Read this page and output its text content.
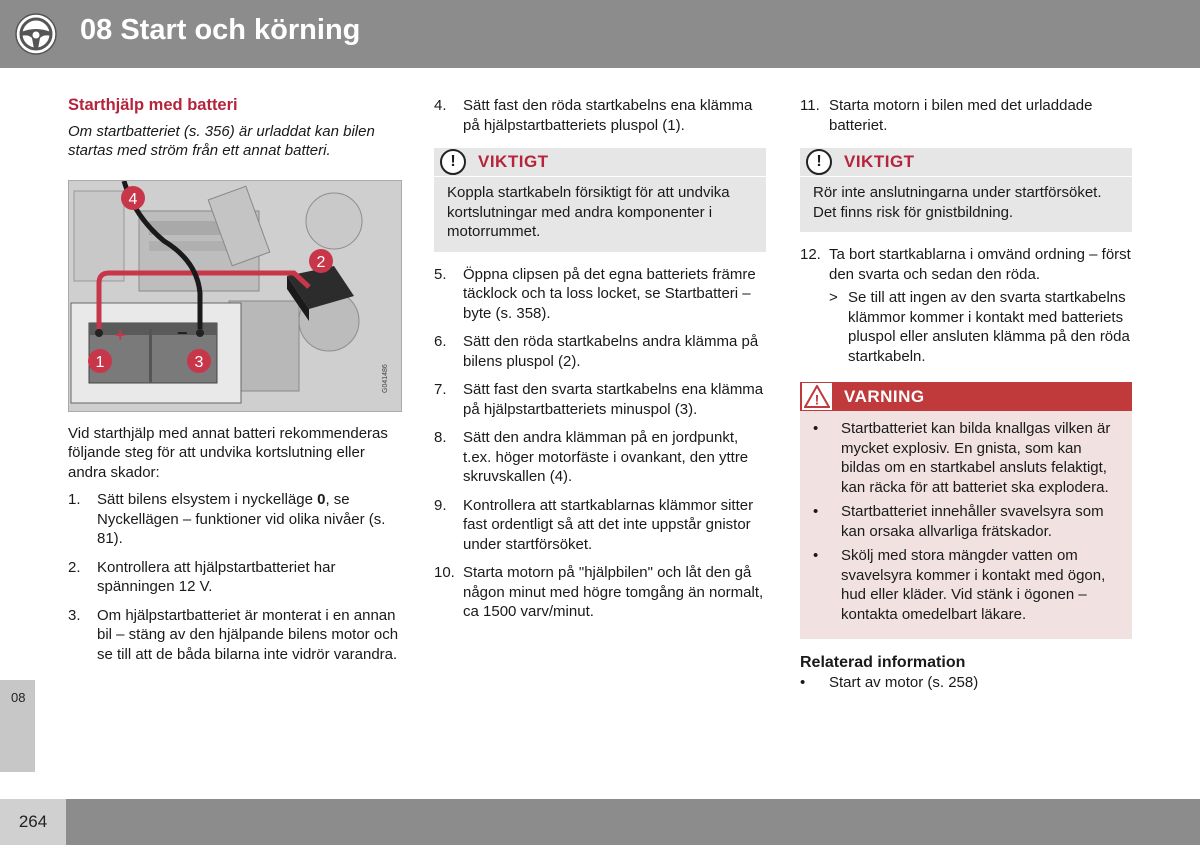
08 Start och körning
08
264
Starthjälp med batteri

Om startbatteriet (s. 356) är urladdat kan bilen startas med ström från ett annat batteri.

+	−
G041486
4
2
1	3

Vid starthjälp med annat batteri rekommenderas följande steg för att undvika kortslutning eller andra skador:

1.	Sätt bilens elsystem i nyckelläge 0, se Nyckellägen – funktioner vid olika nivåer (s. 81).
2.	Kontrollera att hjälpstartbatteriet har spänningen 12 V.
3.	Om hjälpstartbatteriet är monterat i en annan bil – stäng av den hjälpande bilens motor och se till att de båda bilarna inte vidrör varandra.
4.	Sätt fast den röda startkabelns ena klämma på hjälpstartbatteriets pluspol (1).
!	VIKTIGT
Koppla startkabeln försiktigt för att undvika kortslutningar med andra komponenter i motorrummet.
5.	Öppna clipsen på det egna batteriets främre täcklock och ta loss locket, se Startbatteri – byte (s. 358).
6.	Sätt den röda startkabelns andra klämma på bilens pluspol (2).
7.	Sätt fast den svarta startkabelns ena klämma på hjälpstartbatteriets minuspol (3).
8.	Sätt den andra klämman på en jordpunkt, t.ex. höger motorfäste i ovankant, den yttre skruvskallen (4).
9.	Kontrollera att startkablarnas klämmor sitter fast ordentligt så att det inte uppstår gnistor under startförsöket.
10. Starta motorn på "hjälpbilen" och låt den gå någon minut med högre tomgång än normalt, ca 1500 varv/minut.
11. Starta motorn i bilen med det urladdade batteriet.
!	VIKTIGT
Rör inte anslutningarna under startförsöket. Det finns risk för gnistbildning.
12. Ta bort startkablarna i omvänd ordning – först den svarta och sedan den röda.
> Se till att ingen av den svarta startkabelns klämmor kommer i kontakt med batteriets pluspol eller ansluten klämma på den röda startkabeln.
! VARNING
•	Startbatteriet kan bilda knallgas vilken är mycket explosiv. En gnista, som kan bildas om en startkabel ansluts felaktigt, kan räcka för att batteriet ska explodera.
•	Startbatteriet innehåller svavelsyra som kan orsaka allvarliga frätskador.
•	Skölj med stora mängder vatten om svavelsyra kommer i kontakt med ögon, hud eller kläder. Vid stänk i ögonen – kontakta omedelbart läkare.
Relaterad information
•	Start av motor (s. 258)
